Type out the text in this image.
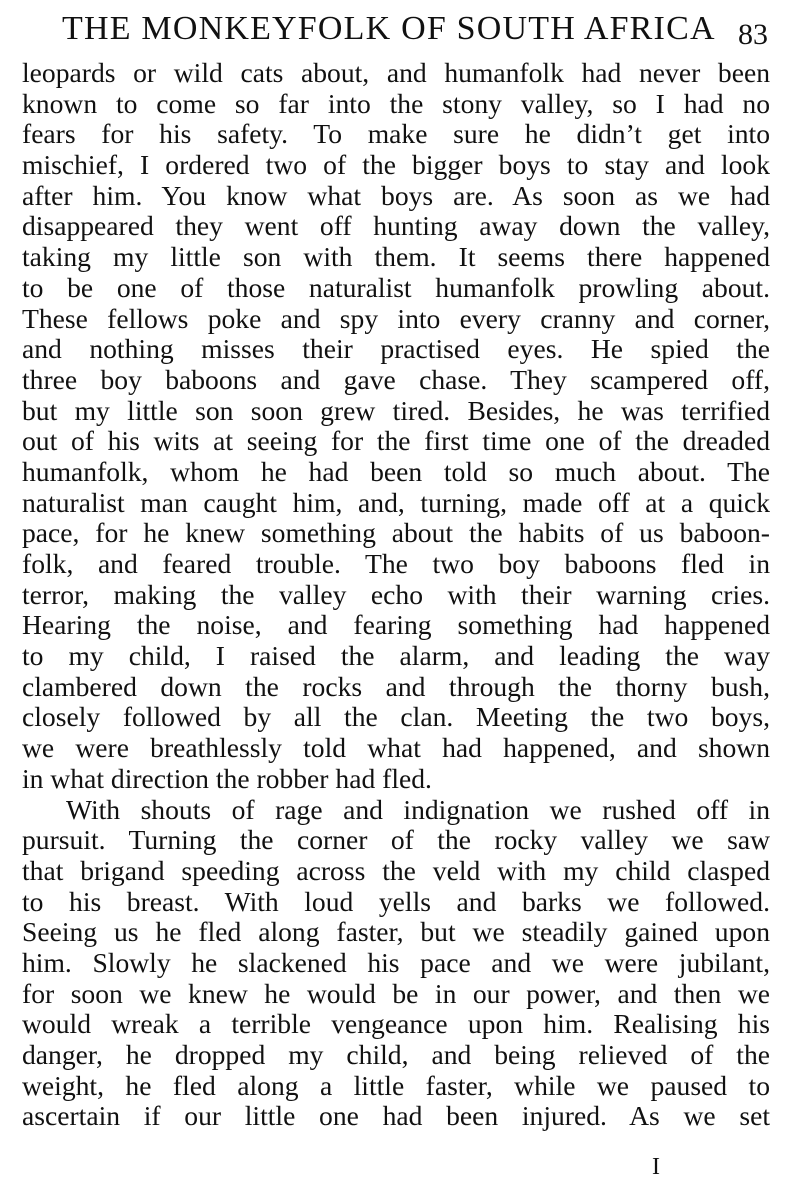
THE MONKEYFOLK OF SOUTH AFRICA 83
leopards or wild cats about, and humanfolk had never been
known to come so far into the stony valley, so I had no
fears for his safety. To make sure he didn’t get into
mischief, I ordered two of the bigger boys to stay and look
after him. You know what boys are. As soon as we had
disappeared they went off hunting away down the valley,
taking my little son with them. It seems there happened
to be one of those naturalist humanfolk prowling about.
These fellows poke and spy into every cranny and corner,
and nothing misses their practised eyes. He spied the
three boy baboons and gave chase. They scampered off,
but my little son soon grew tired. Besides, he was terrified
out of his wits at seeing for the first time one of the dreaded
humanfolk, whom he had been told so much about. The
naturalist man caught him, and, turning, made off at a quick
pace, for he knew something about the habits of us baboon-
folk, and feared trouble. The two boy baboons fled in
terror, making the valley echo with their warning cries.
Hearing the noise, and fearing something had happened
to my child, I raised the alarm, and leading the way
clambered down the rocks and through the thorny bush,
closely followed by all the clan. Meeting the two boys,
we were breathlessly told what had happened, and shown
in what direction the robber had fled.
With shouts of rage and indignation we rushed off in
pursuit. Turning the corner of the rocky valley we saw
that brigand speeding across the veld with my child clasped
to his breast. With loud yells and barks we followed.
Seeing us he fled along faster, but we steadily gained upon
him. Slowly he slackened his pace and we were jubilant,
for soon we knew he would be in our power, and then we
would wreak a terrible vengeance upon him. Realising his
danger, he dropped my child, and being relieved of the
weight, he fled along a little faster, while we paused to
ascertain if our little one had been injured. As we set
I
